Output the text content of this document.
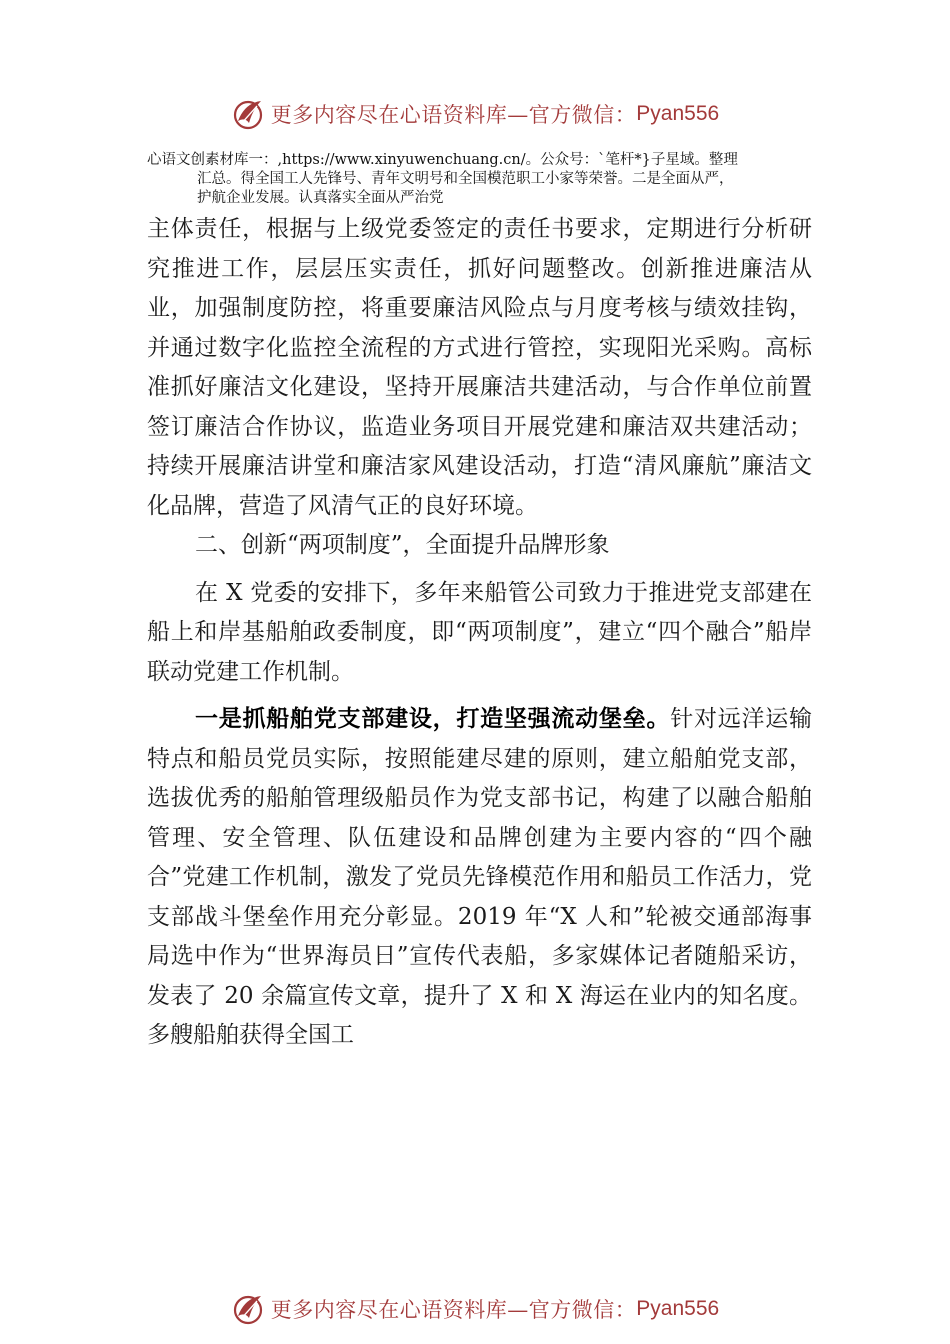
更多内容尽在心语资料库—官方微信： Pyan556
心语文创素材库一：,https://www.xinyuwenchuang.cn/。公众号：`笔杆*}子星域。整理
汇总。得全国工人先锋号、青年文明号和全国模范职工小家等荣誉。二是全面从严，
护航企业发展。认真落实全面从严治党

主体责任，根据与上级党委签定的责任书要求，定期进行分析研究推进工作，层层压实责任，抓好问题整改。创新推进廉洁从业，加强制度防控，将重要廉洁风险点与月度考核与绩效挂钩，并通过数字化监控全流程的方式进行管控，实现阳光采购。高标准抓好廉洁文化建设，坚持开展廉洁共建活动，与合作单位前置签订廉洁合作协议，监造业务项目开展党建和廉洁双共建活动；持续开展廉洁讲堂和廉洁家风建设活动，打造“清风廉航”廉洁文化品牌，营造了风清气正的良好环境。

二、创新“两项制度”，全面提升品牌形象

在 X 党委的安排下，多年来船管公司致力于推进党支部建在船上和岸基船舶政委制度，即“两项制度”，建立“四个融合”船岸联动党建工作机制。

一是抓船舶党支部建设，打造坚强流动堡垒。针对远洋运输特点和船员党员实际，按照能建尽建的原则，建立船舶党支部，选拔优秀的船舶管理级船员作为党支部书记，构建了以融合船舶管理、安全管理、队伍建设和品牌创建为主要内容的“四个融合”党建工作机制，激发了党员先锋模范作用和船员工作活力，党支部战斗堡垒作用充分彰显。2019 年“X 人和”轮被交通部海事局选中作为“世界海员日”宣传代表船，多家媒体记者随船采访，发表了 20 余篇宣传文章，提升了 X 和 X 海运在业内的知名度。多艘船舶获得全国工

更多内容尽在心语资料库—官方微信： Pyan556
